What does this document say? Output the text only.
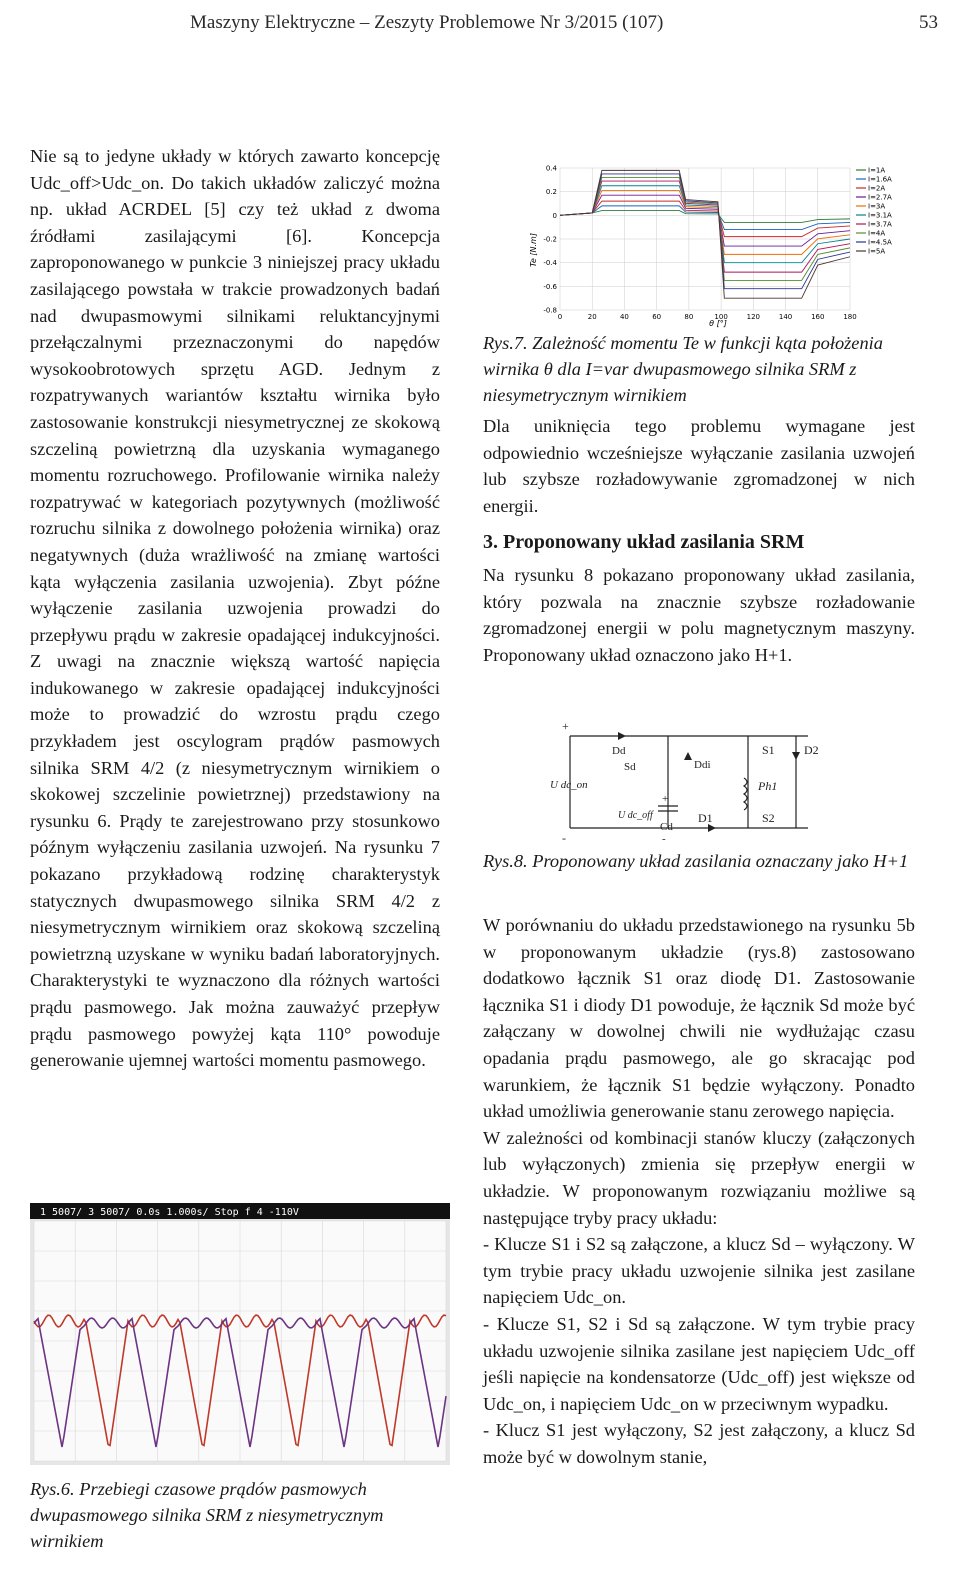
Maszyny Elektryczne – Zeszyty Problemowe Nr 3/2015 (107)	53

Nie są to jedyne układy w których zawarto koncepcję Udc_off>Udc_on. Do takich układów zaliczyć można np. układ ACRDEL [5] czy też układ z dwoma źródłami zasilającymi [6]. Koncepcja zaproponowanego w punkcie 3 niniejszej pracy układu zasilającego powstała w trakcie prowadzonych badań nad dwupasmowymi silnikami reluktancyjnymi przełączalnymi przeznaczonymi do napędów wysokoobrotowych sprzętu AGD. Jednym z rozpatrywanych wariantów kształtu wirnika było zastosowanie konstrukcji niesymetrycznej ze skokową szczeliną powietrzną dla uzyskania wymaganego momentu rozruchowego. Profilowanie wirnika należy rozpatrywać w kategoriach pozytywnych (możliwość rozruchu silnika z dowolnego położenia wirnika) oraz negatywnych (duża wrażliwość na zmianę wartości kąta wyłączenia zasilania uzwojenia). Zbyt późne wyłączenie zasilania uzwojenia prowadzi do przepływu prądu w zakresie opadającej indukcyjności. Z uwagi na znacznie większą wartość napięcia indukowanego w zakresie opadającej indukcyjności może to prowadzić do wzrostu prądu czego przykładem jest oscylogram prądów pasmowych silnika SRM 4/2 (z niesymetrycznym wirnikiem o skokowej szczelinie powietrznej) przedstawiony na rysunku 6. Prądy te zarejestrowano przy stosunkowo późnym wyłączeniu zasilania uzwojeń. Na rysunku 7 pokazano przykładową rodzinę charakterystyk statycznych dwupasmowego silnika SRM 4/2 z niesymetrycznym wirnikiem oraz skokową szczeliną powietrzną uzyskane w wyniku badań laboratoryjnych. Charakterystyki te wyznaczono dla różnych wartości prądu pasmowego. Jak można zauważyć przepływ prądu pasmowego powyżej kąta 110° powoduje generowanie ujemnej wartości momentu pasmowego.

1 5007/ 3 5007/ 0.0s 1.000s/ Stop f 4 -110V
Rys.6. Przebiegi czasowe prądów pasmowych dwupasmowego silnika SRM z niesymetrycznym wirnikiem
0	20	40	60	80	100	120	140	160	180
0.4
0.2
0
-0.2
-0.4
-0.6
-0.8
I=1A
I=1.6A
I=2A
I=2.7A
I=3A
I=3.1A
I=3.7A
I=4A
I=4.5A
I=5A
Te [N.m]
θ [°]
Rys.7. Zależność momentu Te w funkcji kąta położenia wirnika θ dla I=var dwupasmowego silnika SRM z niesymetrycznym wirnikiem

Dla uniknięcia tego problemu wymagane jest odpowiednio wcześniejsze wyłączanie zasilania uzwojeń lub szybsze rozładowywanie zgromadzonej w nich energii.

3. Proponowany układ zasilania SRM

Na rysunku 8 pokazano proponowany układ zasilania, który pozwala na znacznie szybsze rozładowanie zgromadzonej energii w polu magnetycznym maszyny. Proponowany układ oznaczono jako H+1.

+
-
U dc_on
Dd
Sd	Ddi
U dc_off
Cd
+
-
S1 D2
Ph1
D1	S2
Rys.8. Proponowany układ zasilania oznaczany jako H+1

W porównaniu do układu przedstawionego na rysunku 5b w proponowanym układzie (rys.8) zastosowano dodatkowo łącznik S1 oraz diodę D1. Zastosowanie łącznika S1 i diody D1 powoduje, że łącznik Sd może być załączany w dowolnej chwili nie wydłużając czasu opadania prądu pasmowego, ale go skracając pod warunkiem, że łącznik S1 będzie wyłączony. Ponadto układ umożliwia generowanie stanu zerowego napięcia.

W zależności od kombinacji stanów kluczy (załączonych lub wyłączonych) zmienia się przepływ energii w układzie. W proponowanym rozwiązaniu możliwe są następujące tryby pracy układu:

- Klucze S1 i S2 są załączone, a klucz Sd – wyłączony. W tym trybie pracy układu uzwojenie silnika jest zasilane napięciem Udc_on.

- Klucze S1, S2 i Sd są załączone. W tym trybie pracy układu uzwojenie silnika zasilane jest napięciem Udc_off jeśli napięcie na kondensatorze (Udc_off) jest większe od Udc_on, i napięciem Udc_on w przeciwnym wypadku.

- Klucz S1 jest wyłączony, S2 jest załączony, a klucz Sd może być w dowolnym stanie,
